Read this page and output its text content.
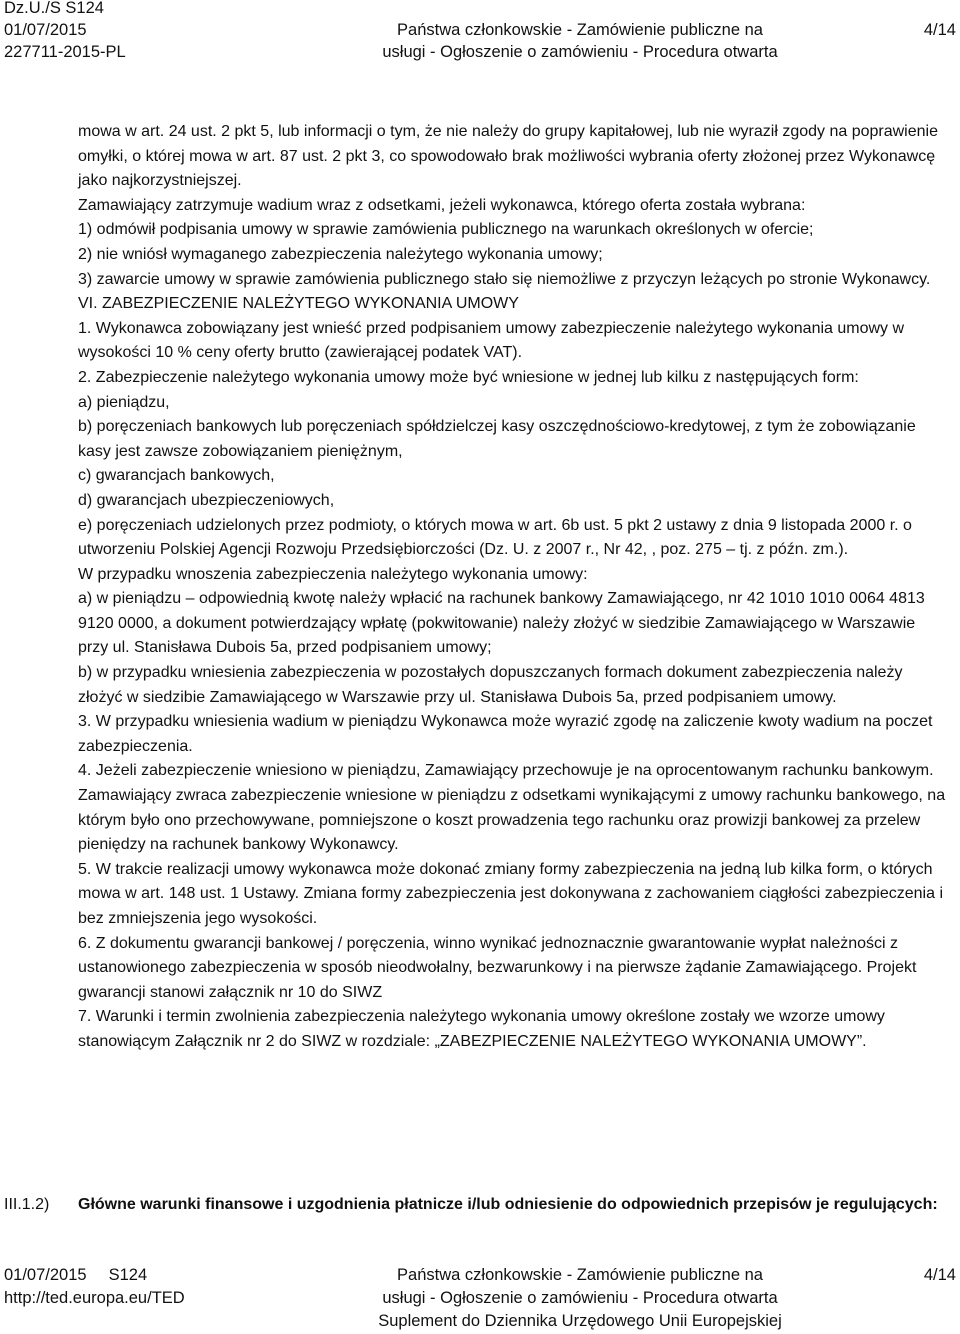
Dz.U./S S124
01/07/2015
227711-2015-PL
Państwa członkowskie - Zamówienie publiczne na
usługi - Ogłoszenie o zamówieniu - Procedura otwarta
4/14

mowa w art. 24 ust. 2 pkt 5, lub informacji o tym, że nie należy do grupy kapitałowej, lub nie wyraził zgody na poprawienie omyłki, o której mowa w art. 87 ust. 2 pkt 3, co spowodowało brak możliwości wybrania oferty złożonej przez Wykonawcę jako najkorzystniejszej.

Zamawiający zatrzymuje wadium wraz z odsetkami, jeżeli wykonawca, którego oferta została wybrana:

1) odmówił podpisania umowy w sprawie zamówienia publicznego na warunkach określonych w ofercie;

2) nie wniósł wymaganego zabezpieczenia należytego wykonania umowy;

3) zawarcie umowy w sprawie zamówienia publicznego stało się niemożliwe z przyczyn leżących po stronie Wykonawcy.

VI. ZABEZPIECZENIE NALEŻYTEGO WYKONANIA UMOWY

1. Wykonawca zobowiązany jest wnieść przed podpisaniem umowy zabezpieczenie należytego wykonania umowy w wysokości 10 % ceny oferty brutto (zawierającej podatek VAT).

2. Zabezpieczenie należytego wykonania umowy może być wniesione w jednej lub kilku z następujących form:

a) pieniądzu,

b) poręczeniach bankowych lub poręczeniach spółdzielczej kasy oszczędnościowo-kredytowej, z tym że zobowiązanie kasy jest zawsze zobowiązaniem pieniężnym,

c) gwarancjach bankowych,

d) gwarancjach ubezpieczeniowych,

e) poręczeniach udzielonych przez podmioty, o których mowa w art. 6b ust. 5 pkt 2 ustawy z dnia 9 listopada 2000 r. o utworzeniu Polskiej Agencji Rozwoju Przedsiębiorczości (Dz. U. z 2007 r., Nr 42, , poz. 275 – tj. z późn. zm.).

W przypadku wnoszenia zabezpieczenia należytego wykonania umowy:

a) w pieniądzu – odpowiednią kwotę należy wpłacić na rachunek bankowy Zamawiającego, nr 42 1010 1010 0064 4813 9120 0000, a dokument potwierdzający wpłatę (pokwitowanie) należy złożyć w siedzibie Zamawiającego w Warszawie przy ul. Stanisława Dubois 5a, przed podpisaniem umowy;

b) w przypadku wniesienia zabezpieczenia w pozostałych dopuszczanych formach dokument zabezpieczenia należy złożyć w siedzibie Zamawiającego w Warszawie przy ul. Stanisława Dubois 5a, przed podpisaniem umowy.

3. W przypadku wniesienia wadium w pieniądzu Wykonawca może wyrazić zgodę na zaliczenie kwoty wadium na poczet zabezpieczenia.

4. Jeżeli zabezpieczenie wniesiono w pieniądzu, Zamawiający przechowuje je na oprocentowanym rachunku bankowym. Zamawiający zwraca zabezpieczenie wniesione w pieniądzu z odsetkami wynikającymi z umowy rachunku bankowego, na którym było ono przechowywane, pomniejszone o koszt prowadzenia tego rachunku oraz prowizji bankowej za przelew pieniędzy na rachunek bankowy Wykonawcy.

5. W trakcie realizacji umowy wykonawca może dokonać zmiany formy zabezpieczenia na jedną lub kilka form, o których mowa w art. 148 ust. 1 Ustawy. Zmiana formy zabezpieczenia jest dokonywana z zachowaniem ciągłości zabezpieczenia i bez zmniejszenia jego wysokości.

6. Z dokumentu gwarancji bankowej / poręczenia, winno wynikać jednoznacznie gwarantowanie wypłat należności z ustanowionego zabezpieczenia w sposób nieodwołalny, bezwarunkowy i na pierwsze żądanie Zamawiającego. Projekt gwarancji stanowi załącznik nr 10 do SIWZ

7. Warunki i termin zwolnienia zabezpieczenia należytego wykonania umowy określone zostały we wzorze umowy stanowiącym Załącznik nr 2 do SIWZ w rozdziale: „ZABEZPIECZENIE NALEŻYTEGO WYKONANIA UMOWY”.

III.1.2) Główne warunki finansowe i uzgodnienia płatnicze i/lub odniesienie do odpowiednich przepisów je regulujących:
01/07/2015 S124
http://ted.europa.eu/TED
Państwa członkowskie - Zamówienie publiczne na
usługi - Ogłoszenie o zamówieniu - Procedura otwarta
Suplement do Dziennika Urzędowego Unii Europejskiej
4/14
